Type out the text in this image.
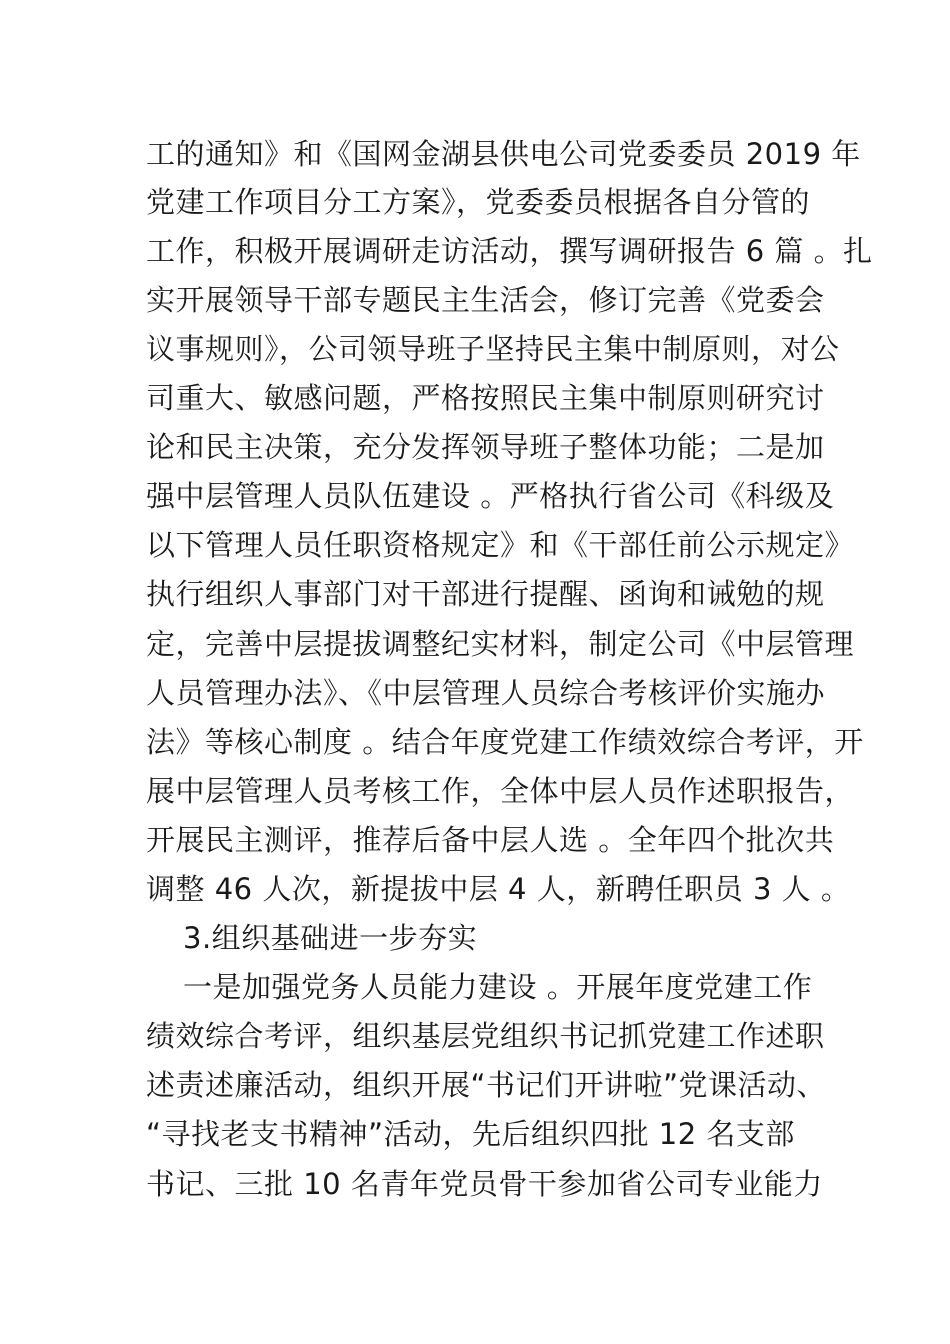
工的通知》和《国网金湖县供电公司党委委员 2019 年
党建工作项目分工方案》，党委委员根据各自分管的
工作，积极开展调研走访活动，撰写调研报告 6 篇 。扎
实开展领导干部专题民主生活会，修订完善《党委会
议事规则》，公司领导班子坚持民主集中制原则，对公
司重大、敏感问题，严格按照民主集中制原则研究讨
论和民主决策，充分发挥领导班子整体功能；二是加
强中层管理人员队伍建设 。严格执行省公司《科级及
以下管理人员任职资格规定》和《干部任前公示规定》
执行组织人事部门对干部进行提醒、函询和诫勉的规
定，完善中层提拔调整纪实材料，制定公司《中层管理
人员管理办法》、《中层管理人员综合考核评价实施办
法》等核心制度 。结合年度党建工作绩效综合考评，开
展中层管理人员考核工作，全体中层人员作述职报告，
开展民主测评，推荐后备中层人选 。全年四个批次共
调整 46 人次，新提拔中层 4 人，新聘任职员 3 人 。
3.组织基础进一步夯实
一是加强党务人员能力建设 。开展年度党建工作
绩效综合考评，组织基层党组织书记抓党建工作述职
述责述廉活动，组织开展“书记们开讲啦”党课活动、
“寻找老支书精神”活动，先后组织四批 12 名支部
书记、三批 10 名青年党员骨干参加省公司专业能力
